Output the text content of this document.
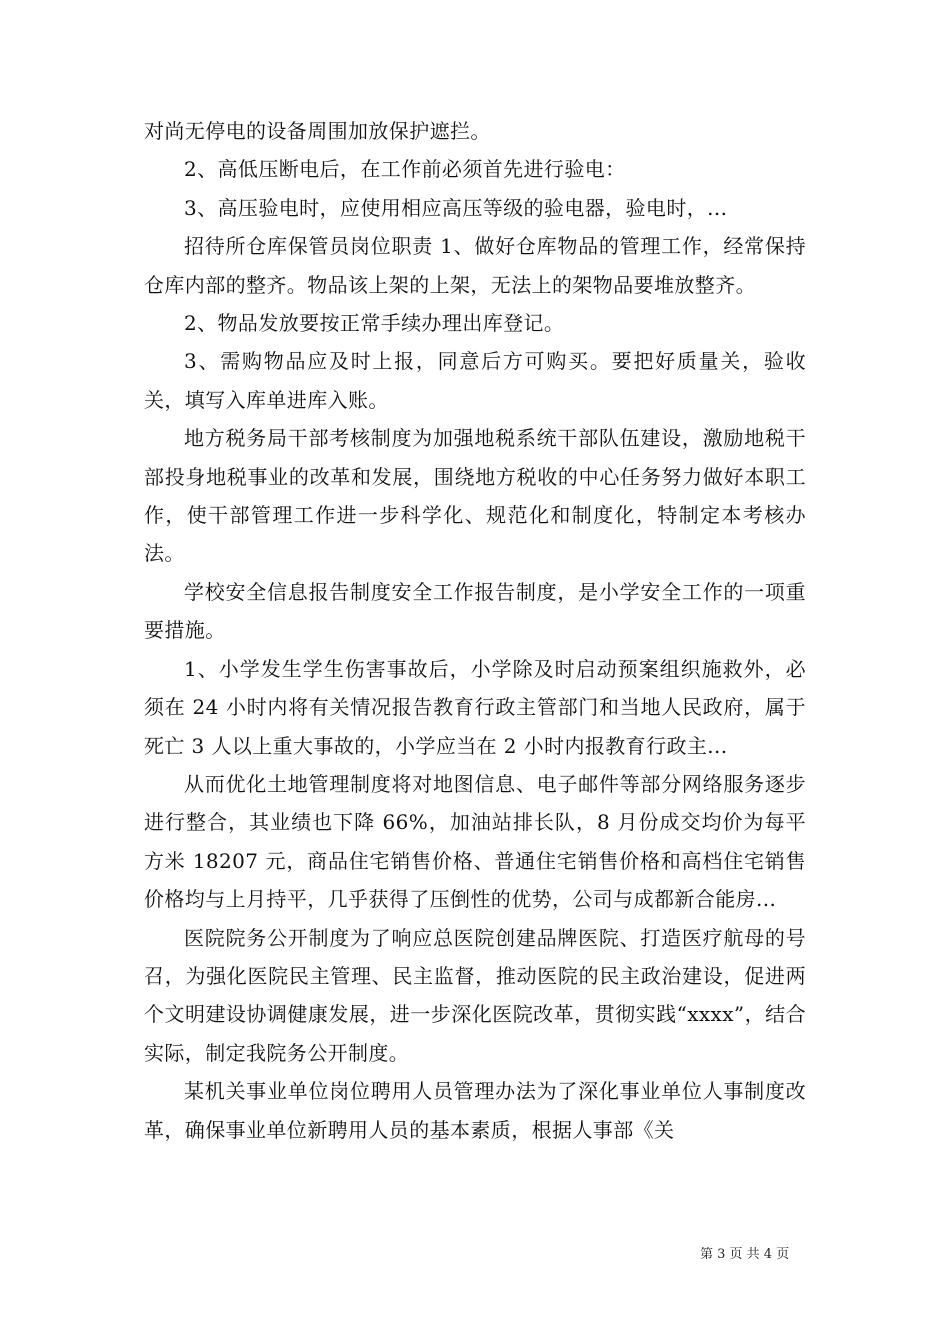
对尚无停电的设备周围加放保护遮拦。

2、高低压断电后，在工作前必须首先进行验电：

3、高压验电时，应使用相应高压等级的验电器，验电时，...

招待所仓库保管员岗位职责 1、做好仓库物品的管理工作，经常保持仓库内部的整齐。物品该上架的上架，无法上的架物品要堆放整齐。

2、物品发放要按正常手续办理出库登记。

3、需购物品应及时上报，同意后方可购买。要把好质量关，验收关，填写入库单进库入账。

地方税务局干部考核制度为加强地税系统干部队伍建设，激励地税干部投身地税事业的改革和发展，围绕地方税收的中心任务努力做好本职工作，使干部管理工作进一步科学化、规范化和制度化，特制定本考核办法。

学校安全信息报告制度安全工作报告制度，是小学安全工作的一项重要措施。

1、小学发生学生伤害事故后，小学除及时启动预案组织施救外，必须在 24 小时内将有关情况报告教育行政主管部门和当地人民政府，属于死亡 3 人以上重大事故的，小学应当在 2 小时内报教育行政主...

从而优化土地管理制度将对地图信息、电子邮件等部分网络服务逐步进行整合，其业绩也下降 66%，加油站排长队，8 月份成交均价为每平方米 18207 元，商品住宅销售价格、普通住宅销售价格和高档住宅销售价格均与上月持平，几乎获得了压倒性的优势，公司与成都新合能房...

医院院务公开制度为了响应总医院创建品牌医院、打造医疗航母的号召，为强化医院民主管理、民主监督，推动医院的民主政治建设，促进两个文明建设协调健康发展，进一步深化医院改革，贯彻实践“xxxx”，结合实际，制定我院务公开制度。

某机关事业单位岗位聘用人员管理办法为了深化事业单位人事制度改革，确保事业单位新聘用人员的基本素质，根据人事部《关

第 3 页 共 4 页
